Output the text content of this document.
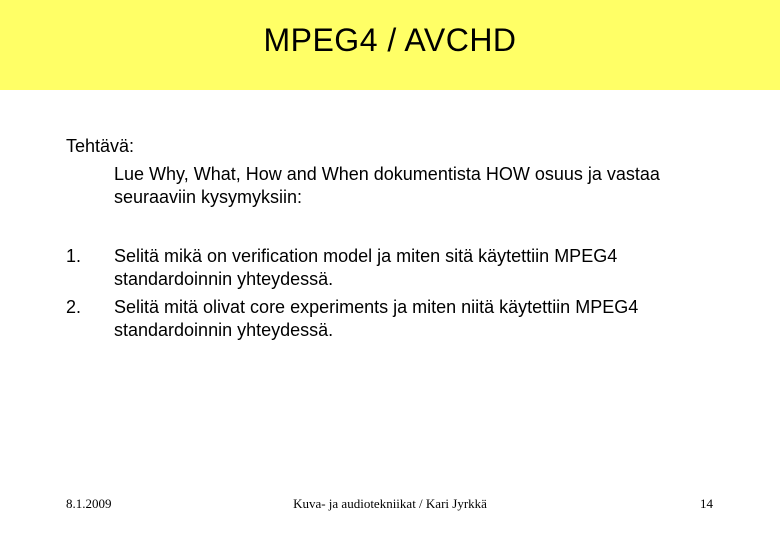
MPEG4 / AVCHD
Tehtävä:
Lue Why, What, How and When dokumentista HOW osuus ja vastaa seuraaviin kysymyksiin:
1. Selitä mikä on verification model ja miten sitä käytettiin MPEG4 standardoinnin yhteydessä.
2. Selitä mitä olivat core experiments ja miten niitä käytettiin MPEG4 standardoinnin yhteydessä.
8.1.2009	Kuva- ja audiotekniikat / Kari Jyrkkä	14
